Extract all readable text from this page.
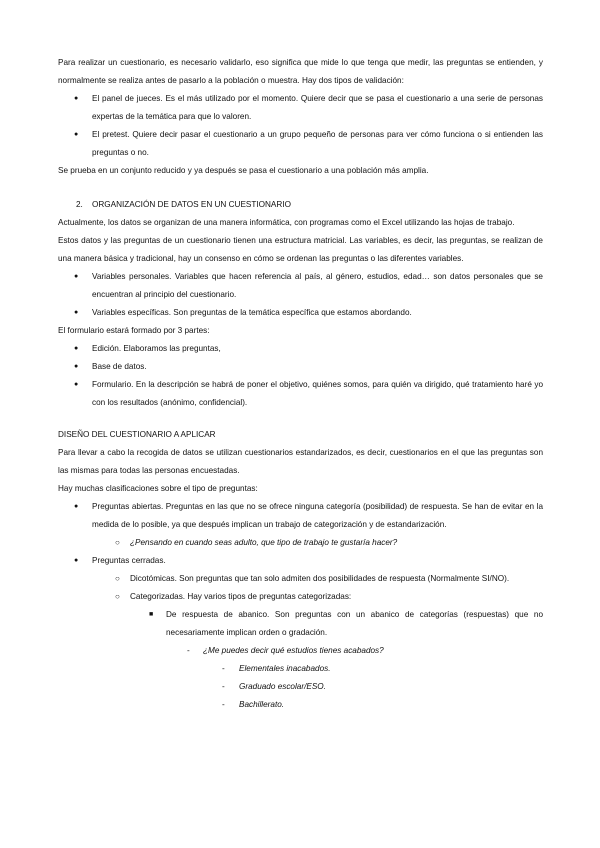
Para realizar un cuestionario, es necesario validarlo, eso significa que mide lo que tenga que medir, las preguntas se entienden, y normalmente se realiza antes de pasarlo a la población o muestra. Hay dos tipos de validación:

● El panel de jueces. Es el más utilizado por el momento. Quiere decir que se pasa el cuestionario a una serie de personas expertas de la temática para que lo valoren.
● El pretest. Quiere decir pasar el cuestionario a un grupo pequeño de personas para ver cómo funciona o si entienden las preguntas o no.

Se prueba en un conjunto reducido y ya después se pasa el cuestionario a una población más amplia.

2. ORGANIZACIÓN DE DATOS EN UN CUESTIONARIO

Actualmente, los datos se organizan de una manera informática, con programas como el Excel utilizando las hojas de trabajo.

Estos datos y las preguntas de un cuestionario tienen una estructura matricial. Las variables, es decir, las preguntas, se realizan de una manera básica y tradicional, hay un consenso en cómo se ordenan las preguntas o las diferentes variables.

● Variables personales. Variables que hacen referencia al país, al género, estudios, edad… son datos personales que se encuentran al principio del cuestionario.
● Variables específicas. Son preguntas de la temática específica que estamos abordando.

El formulario estará formado por 3 partes:

● Edición. Elaboramos las preguntas,
● Base de datos.
● Formulario. En la descripción se habrá de poner el objetivo, quiénes somos, para quién va dirigido, qué tratamiento haré yo con los resultados (anónimo, confidencial).

DISEÑO DEL CUESTIONARIO A APLICAR

Para llevar a cabo la recogida de datos se utilizan cuestionarios estandarizados, es decir, cuestionarios en el que las preguntas son las mismas para todas las personas encuestadas.

Hay muchas clasificaciones sobre el tipo de preguntas:

● Preguntas abiertas. Preguntas en las que no se ofrece ninguna categoría (posibilidad) de respuesta. Se han de evitar en la medida de lo posible, ya que después implican un trabajo de categorización y de estandarización.
○ ¿Pensando en cuando seas adulto, que tipo de trabajo te gustaría hacer?
● Preguntas cerradas.
○ Dicotómicas. Son preguntas que tan solo admiten dos posibilidades de respuesta (Normalmente SI/NO).
○ Categorizadas. Hay varios tipos de preguntas categorizadas:
■ De respuesta de abanico. Son preguntas con un abanico de categorías (respuestas) que no necesariamente implican orden o gradación.
- ¿Me puedes decir qué estudios tienes acabados?
- Elementales inacabados.
- Graduado escolar/ESO.
- Bachillerato.
